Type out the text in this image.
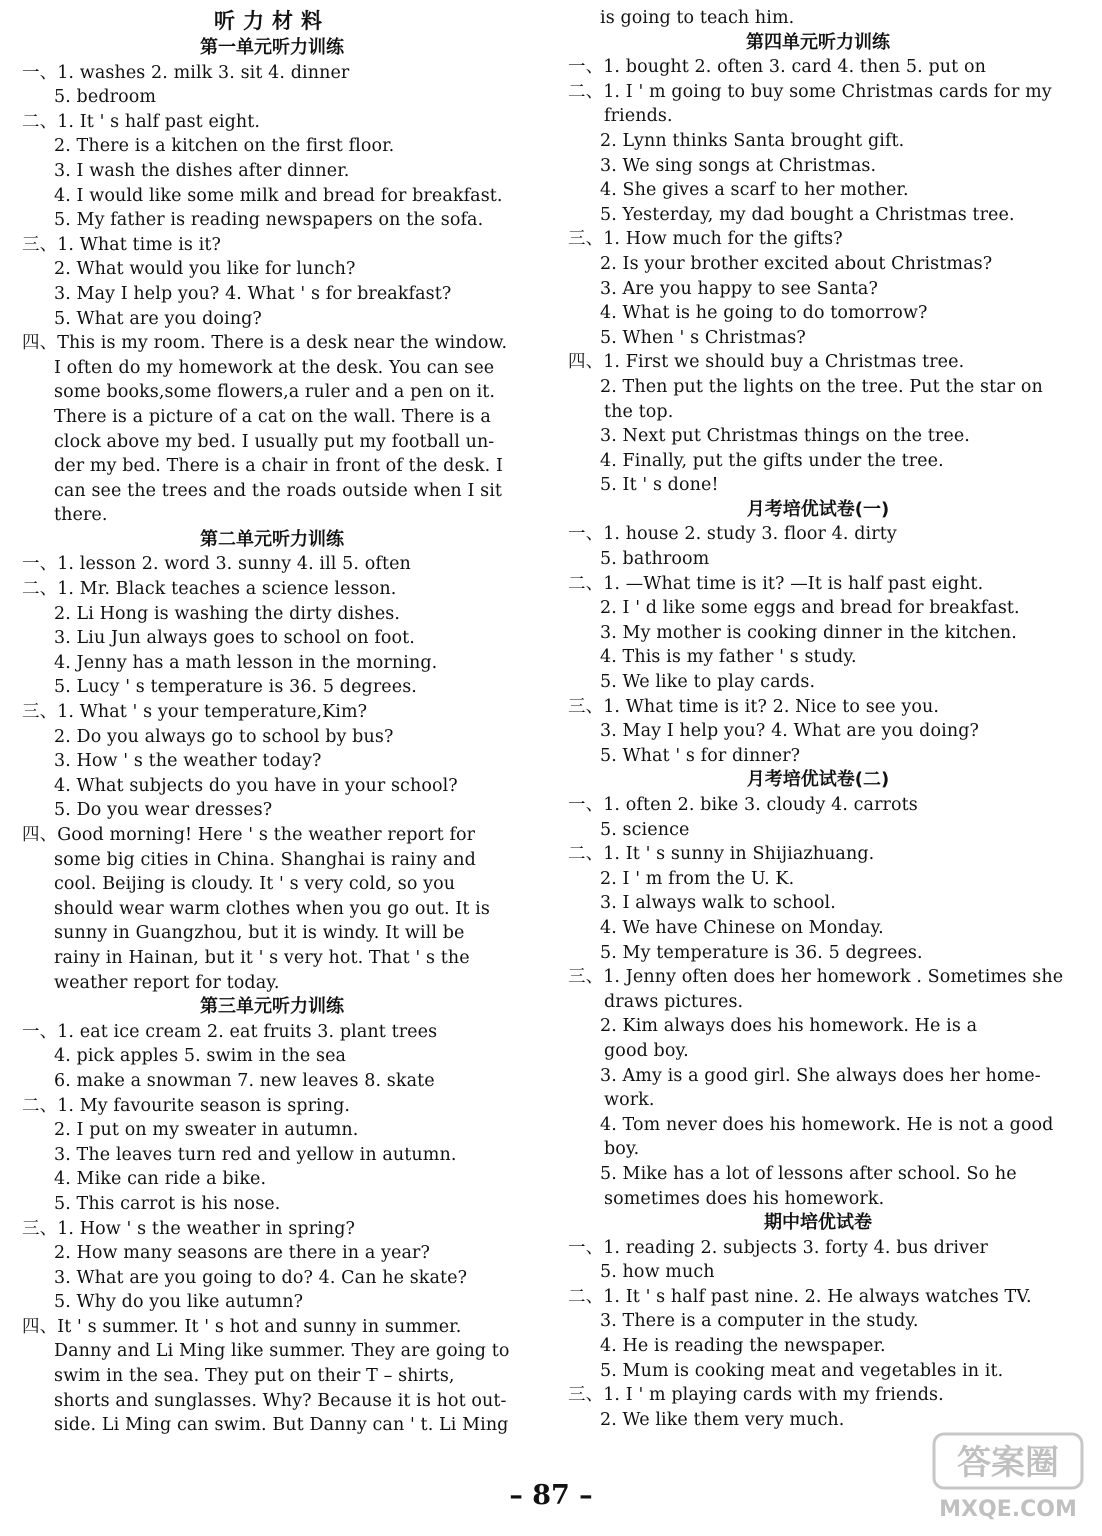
听力材料
第一单元听力训练
一、1. washes 2. milk 3. sit 4. dinner
5. bedroom
二、1. It ' s half past eight.
2. There is a kitchen on the first floor.
3. I wash the dishes after dinner.
4. I would like some milk and bread for breakfast.
5. My father is reading newspapers on the sofa.
三、1. What time is it?
2. What would you like for lunch?
3. May I help you? 4. What ' s for breakfast?
5. What are you doing?
四、This is my room. There is a desk near the window.
I often do my homework at the desk. You can see
some books,some flowers,a ruler and a pen on it.
There is a picture of a cat on the wall. There is a
clock above my bed. I usually put my football un-
der my bed. There is a chair in front of the desk. I
can see the trees and the roads outside when I sit
there.
第二单元听力训练
一、1. lesson 2. word 3. sunny 4. ill 5. often
二、1. Mr. Black teaches a science lesson.
2. Li Hong is washing the dirty dishes.
3. Liu Jun always goes to school on foot.
4. Jenny has a math lesson in the morning.
5. Lucy ' s temperature is 36. 5 degrees.
三、1. What ' s your temperature,Kim?
2. Do you always go to school by bus?
3. How ' s the weather today?
4. What subjects do you have in your school?
5. Do you wear dresses?
四、Good morning! Here ' s the weather report for
some big cities in China. Shanghai is rainy and
cool. Beijing is cloudy. It ' s very cold, so you
should wear warm clothes when you go out. It is
sunny in Guangzhou, but it is windy. It will be
rainy in Hainan, but it ' s very hot. That ' s the
weather report for today.
第三单元听力训练
一、1. eat ice cream 2. eat fruits 3. plant trees
4. pick apples 5. swim in the sea
6. make a snowman 7. new leaves 8. skate
二、1. My favourite season is spring.
2. I put on my sweater in autumn.
3. The leaves turn red and yellow in autumn.
4. Mike can ride a bike.
5. This carrot is his nose.
三、1. How ' s the weather in spring?
2. How many seasons are there in a year?
3. What are you going to do? 4. Can he skate?
5. Why do you like autumn?
四、It ' s summer. It ' s hot and sunny in summer.
Danny and Li Ming like summer. They are going to
swim in the sea. They put on their T – shirts,
shorts and sunglasses. Why? Because it is hot out-
side. Li Ming can swim. But Danny can ' t. Li Ming
is going to teach him.
第四单元听力训练
一、1. bought 2. often 3. card 4. then 5. put on
二、1. I ' m going to buy some Christmas cards for my
friends.
2. Lynn thinks Santa brought gift.
3. We sing songs at Christmas.
4. She gives a scarf to her mother.
5. Yesterday, my dad bought a Christmas tree.
三、1. How much for the gifts?
2. Is your brother excited about Christmas?
3. Are you happy to see Santa?
4. What is he going to do tomorrow?
5. When ' s Christmas?
四、1. First we should buy a Christmas tree.
2. Then put the lights on the tree. Put the star on
the top.
3. Next put Christmas things on the tree.
4. Finally, put the gifts under the tree.
5. It ' s done!
月考培优试卷(一)
一、1. house 2. study 3. floor 4. dirty
5. bathroom
二、1. —What time is it? —It is half past eight.
2. I ' d like some eggs and bread for breakfast.
3. My mother is cooking dinner in the kitchen.
4. This is my father ' s study.
5. We like to play cards.
三、1. What time is it? 2. Nice to see you.
3. May I help you? 4. What are you doing?
5. What ' s for dinner?
月考培优试卷(二)
一、1. often 2. bike 3. cloudy 4. carrots
5. science
二、1. It ' s sunny in Shijiazhuang.
2. I ' m from the U. K.
3. I always walk to school.
4. We have Chinese on Monday.
5. My temperature is 36. 5 degrees.
三、1. Jenny often does her homework . Sometimes she
draws pictures.
2. Kim always does his homework. He is a
good boy.
3. Amy is a good girl. She always does her home-
work.
4. Tom never does his homework. He is not a good
boy.
5. Mike has a lot of lessons after school. So he
sometimes does his homework.
期中培优试卷
一、1. reading 2. subjects 3. forty 4. bus driver
5. how much
二、1. It ' s half past nine. 2. He always watches TV.
3. There is a computer in the study.
4. He is reading the newspaper.
5. Mum is cooking meat and vegetables in it.
三、1. I ' m playing cards with my friends.
2. We like them very much.
– 87 –
答案圈
MXQE.COM
